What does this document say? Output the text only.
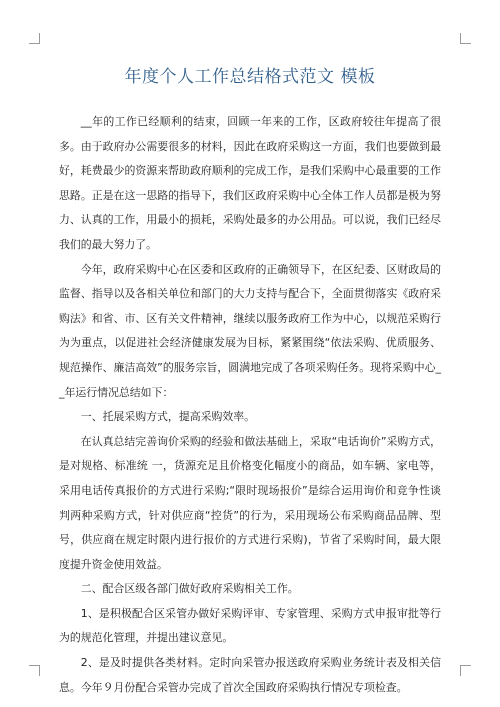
年度个人工作总结格式范文 模板

__年的工作已经顺利的结束，回顾一年来的工作，区政府较往年提高了很多。由于政府办公需要很多的材料，因此在政府采购这一方面，我们也要做到最好，耗费最少的资源来帮助政府顺利的完成工作，是我们采购中心最重要的工作思路。正是在这一思路的指导下，我们区政府采购中心全体工作人员都是极为努力、认真的工作，用最小的损耗，采购处最多的办公用品。可以说，我们已经尽我们的最大努力了。

今年，政府采购中心在区委和区政府的正确领导下，在区纪委、区财政局的监督、指导以及各相关单位和部门的大力支持与配合下，全面贯彻落实《政府采购法》和省、市、区有关文件精神，继续以服务政府工作为中心，以规范采购行为为重点，以促进社会经济健康发展为目标，紧紧围绕“依法采购、优质服务、规范操作、廉洁高效”的服务宗旨，圆满地完成了各项采购任务。现将采购中心__年运行情况总结如下：

一、托展采购方式，提高采购效率。

在认真总结完善询价采购的经验和做法基础上，采取“电话询价”采购方式，是对规格、标准统 一，货源充足且价格变化幅度小的商品，如车辆、家电等，采用电话传真报价的方式进行采购;“限时现场报价”是综合运用询价和竞争性谈判两种采购方式，针对供应商“控货”的行为，采用现场公布采购商品品牌、型号，供应商在规定时限内进行报价的方式进行采购)，节省了采购时间，最大限度提升资金使用效益。

二、配合区级各部门做好政府采购相关工作。

1、是积极配合区采管办做好采购评审、专家管理、采购方式申报审批等行为的规范化管理，并提出建议意见。

2、是及时提供各类材料。定时向采管办报送政府采购业务统计表及相关信息。今年９月份配合采管办完成了首次全国政府采购执行情况专项检查。
